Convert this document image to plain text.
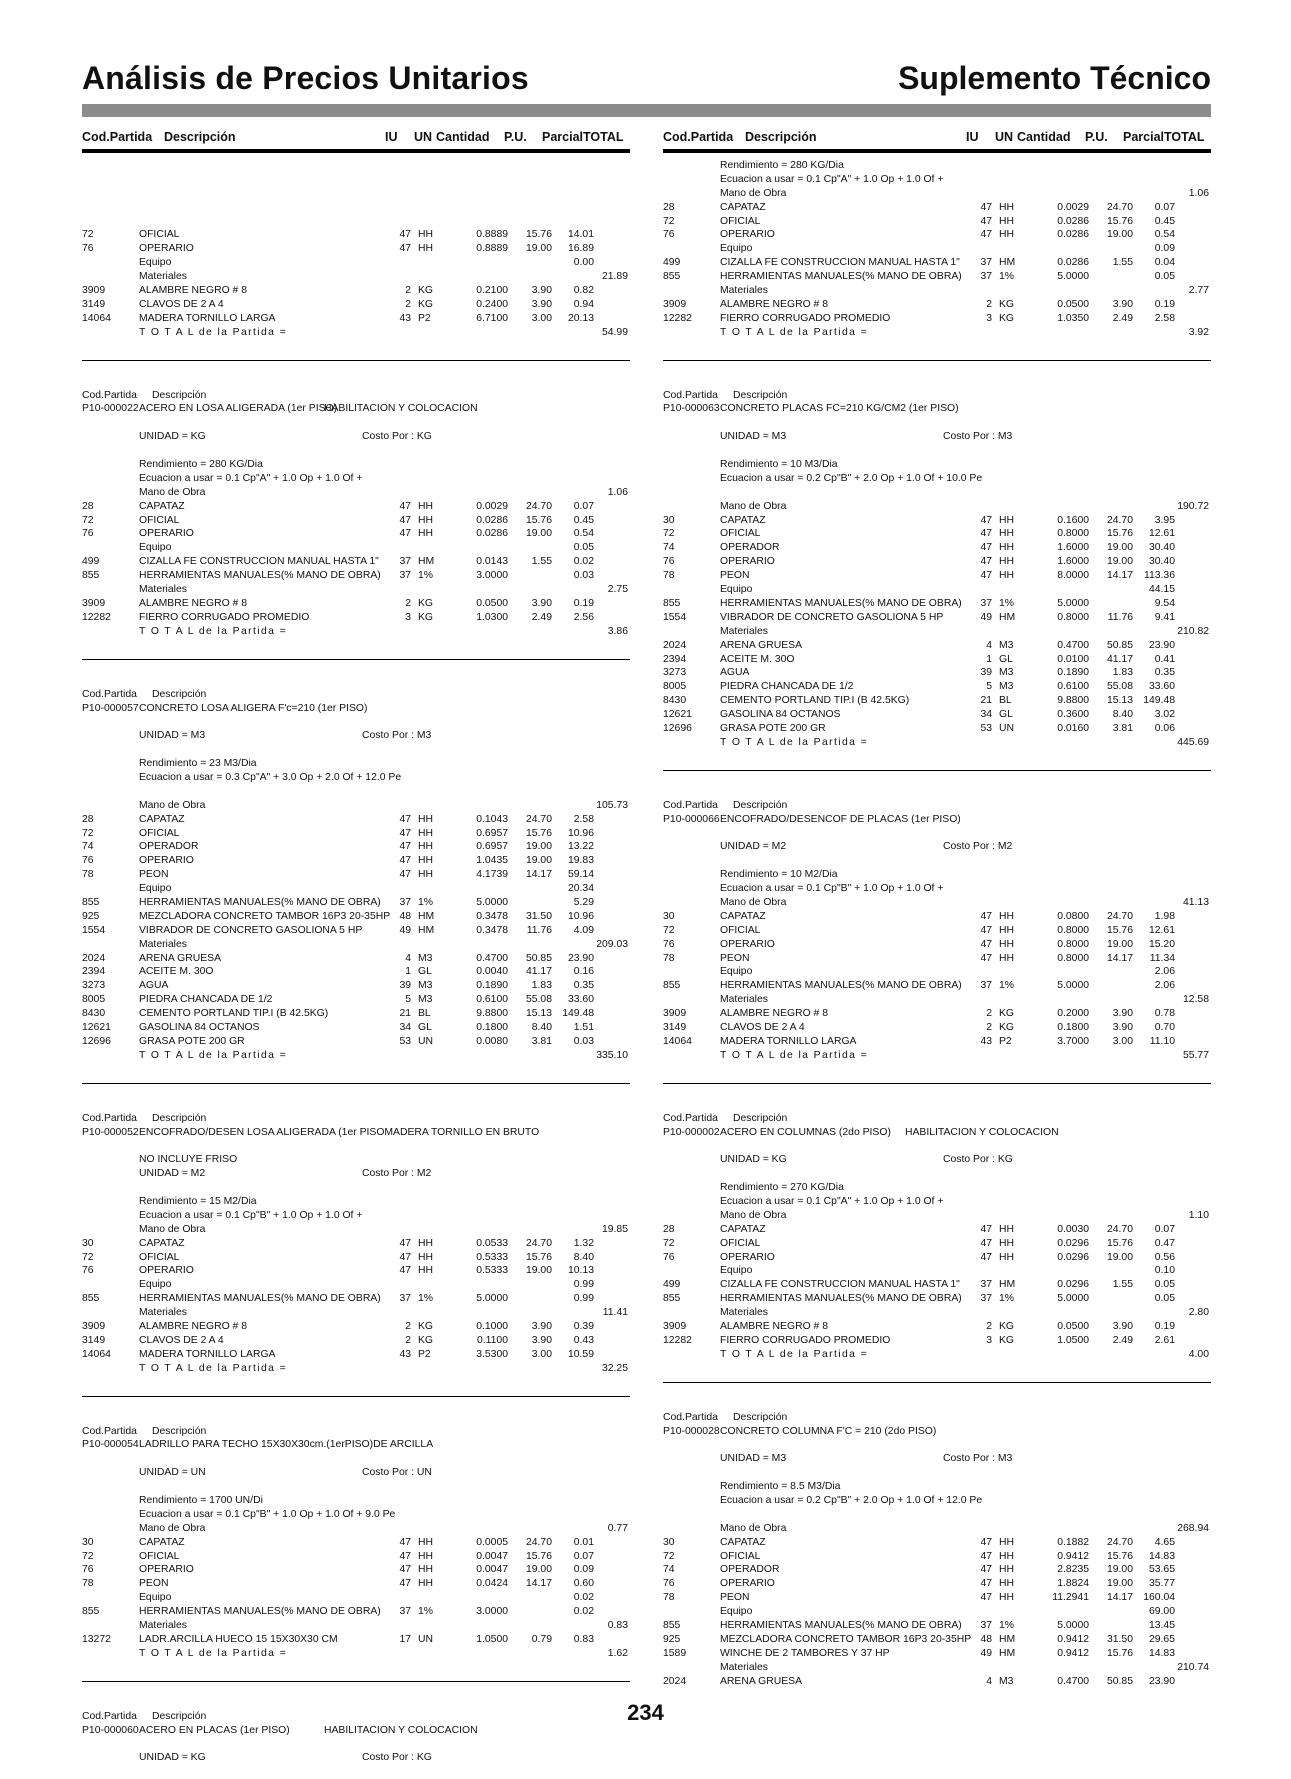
Análisis de Precios Unitarios	Suplemento Técnico
Cod.Partida Descripción	IU UN Cantidad P.U. Parcial TOTAL
72	OFICIAL	47 HH	0.8889	15.76	14.01
76	OPERARIO	47 HH	0.8889	19.00	16.89
Equipo	0.00
Materiales	21.89
3909	ALAMBRE NEGRO # 8	2 KG	0.2100	3.90	0.82
3149	CLAVOS DE 2 A 4	2 KG	0.2400	3.90	0.94
14064	MADERA TORNILLO LARGA	43 P2	6.7100	3.00	20.13
T O T A L de la Partida =	54.99
Cod.Partida Descripción
P10-000022 ACERO EN LOSA ALIGERADA (1er PISO)
HABILITACION Y COLOCACION
UNIDAD = KG	Costo Por : KG
Rendimiento = 280 KG/Dia
Ecuacion a usar = 0.1 Cp"A" + 1.0 Op + 1.0 Of +
Mano de Obra	1.06
28	CAPATAZ	47 HH	0.0029	24.70	0.07
72	OFICIAL	47 HH	0.0286	15.76	0.45
76	OPERARIO	47 HH	0.0286	19.00	0.54
Equipo	0.05
499	CIZALLA FE CONSTRUCCION MANUAL HASTA 1"	37 HM	0.0143	1.55	0.02
855	HERRAMIENTAS MANUALES(% MANO DE OBRA)	37 1%	3.0000	0.03
Materiales	2.75
3909	ALAMBRE NEGRO # 8	2 KG	0.0500	3.90	0.19
12282	FIERRO CORRUGADO PROMEDIO	3 KG	1.0300	2.49	2.56
T O T A L de la Partida =	3.86
Cod.Partida Descripción
P10-000057 CONCRETO LOSA ALIGERA F'c=210 (1er PISO)
UNIDAD = M3	Costo Por : M3
Rendimiento = 23 M3/Dia
Ecuacion a usar = 0.3 Cp"A" + 3.0 Op + 2.0 Of + 12.0 Pe
Mano de Obra	105.73
28	CAPATAZ	47 HH	0.1043	24.70	2.58
72	OFICIAL	47 HH	0.6957	15.76	10.96
74	OPERADOR	47 HH	0.6957	19.00	13.22
76	OPERARIO	47 HH	1.0435	19.00	19.83
78	PEON	47 HH	4.1739	14.17	59.14
Equipo	20.34
855	HERRAMIENTAS MANUALES(% MANO DE OBRA)	37 1%	5.0000	5.29
925	MEZCLADORA CONCRETO TAMBOR 16P3 20-35HP 48 HM	0.3478	31.50	10.96
1554	VIBRADOR DE CONCRETO GASOLIONA 5 HP	49 HM	0.3478	11.76	4.09
Materiales	209.03
2024	ARENA GRUESA	4 M3	0.4700	50.85	23.90
2394	ACEITE M. 30O	1 GL	0.0040	41.17	0.16
3273	AGUA	39 M3	0.1890	1.83	0.35
8005	PIEDRA CHANCADA DE 1/2	5 M3	0.6100	55.08	33.60
8430	CEMENTO PORTLAND TIP.I (B 42.5KG)	21 BL	9.8800	15.13 149.48
12621	GASOLINA 84 OCTANOS	34 GL	0.1800	8.40	1.51
12696	GRASA POTE 200 GR	53 UN	0.0080	3.81	0.03
T O T A L de la Partida =	335.10
Cod.Partida Descripción
P10-000052 ENCOFRADO/DESEN LOSA ALIGERADA (1er PISOMADERA TORNILLO EN BRUTO
NO INCLUYE FRISO
UNIDAD = M2	Costo Por : M2
Rendimiento = 15 M2/Dia
Ecuacion a usar = 0.1 Cp"B" + 1.0 Op + 1.0 Of +
Mano de Obra	19.85
30	CAPATAZ	47 HH	0.0533	24.70	1.32
72	OFICIAL	47 HH	0.5333	15.76	8.40
76	OPERARIO	47 HH	0.5333	19.00	10.13
Equipo	0.99
855	HERRAMIENTAS MANUALES(% MANO DE OBRA)	37 1%	5.0000	0.99
Materiales	11.41
3909	ALAMBRE NEGRO # 8	2 KG	0.1000	3.90	0.39
3149	CLAVOS DE 2 A 4	2 KG	0.1100	3.90	0.43
14064	MADERA TORNILLO LARGA	43 P2	3.5300	3.00	10.59
T O T A L de la Partida =	32.25
Cod.Partida Descripción
P10-000054 LADRILLO PARA TECHO 15X30X30cm.(1erPISO)DE ARCILLA
UNIDAD = UN	Costo Por : UN
Rendimiento = 1700 UN/Di
Ecuacion a usar = 0.1 Cp"B" + 1.0 Op + 1.0 Of + 9.0 Pe
Mano de Obra	0.77
30	CAPATAZ	47 HH	0.0005	24.70	0.01
72	OFICIAL	47 HH	0.0047	15.76	0.07
76	OPERARIO	47 HH	0.0047	19.00	0.09
78	PEON	47 HH	0.0424	14.17	0.60
Equipo	0.02
855	HERRAMIENTAS MANUALES(% MANO DE OBRA)	37 1%	3.0000	0.02
Materiales	0.83
13272	LADR.ARCILLA HUECO 15 15X30X30 CM	17 UN	1.0500	0.79	0.83
T O T A L de la Partida =	1.62
Cod.Partida Descripción
P10-000060 ACERO EN PLACAS (1er PISO)	HABILITACION Y COLOCACION
UNIDAD = KG	Costo Por : KG
Cod.Partida Descripción	IU UN Cantidad P.U. Parcial TOTAL
Rendimiento = 280 KG/Dia
Ecuacion a usar = 0.1 Cp"A" + 1.0 Op + 1.0 Of +
Mano de Obra	1.06
28	CAPATAZ	47 HH	0.0029	24.70	0.07
72	OFICIAL	47 HH	0.0286	15.76	0.45
76	OPERARIO	47 HH	0.0286	19.00	0.54
Equipo	0.09
499	CIZALLA FE CONSTRUCCION MANUAL HASTA 1"	37 HM	0.0286	1.55	0.04
855	HERRAMIENTAS MANUALES(% MANO DE OBRA)	37 1%	5.0000	0.05
Materiales	2.77
3909	ALAMBRE NEGRO # 8	2 KG	0.0500	3.90	0.19
12282	FIERRO CORRUGADO PROMEDIO	3 KG	1.0350	2.49	2.58
T O T A L de la Partida =	3.92
Cod.Partida Descripción
P10-000063 CONCRETO PLACAS FC=210 KG/CM2 (1er PISO)
UNIDAD = M3	Costo Por : M3
Rendimiento = 10 M3/Dia
Ecuacion a usar = 0.2 Cp"B" + 2.0 Op + 1.0 Of + 10.0 Pe
Mano de Obra	190.72
30	CAPATAZ	47 HH	0.1600	24.70	3.95
72	OFICIAL	47 HH	0.8000	15.76	12.61
74	OPERADOR	47 HH	1.6000	19.00	30.40
76	OPERARIO	47 HH	1.6000	19.00	30.40
78	PEON	47 HH	8.0000	14.17	113.36
Equipo	44.15
855	HERRAMIENTAS MANUALES(% MANO DE OBRA)	37 1%	5.0000	9.54
1554	VIBRADOR DE CONCRETO GASOLIONA 5 HP	49 HM	0.8000	11.76	9.41
Materiales	210.82
2024	ARENA GRUESA	4 M3	0.4700	50.85	23.90
2394	ACEITE M. 30O	1 GL	0.0100	41.17	0.41
3273	AGUA	39 M3	0.1890	1.83	0.35
8005	PIEDRA CHANCADA DE 1/2	5 M3	0.6100	55.08	33.60
8430	CEMENTO PORTLAND TIP.I (B 42.5KG)	21 BL	9.8800	15.13 149.48
12621	GASOLINA 84 OCTANOS	34 GL	0.3600	8.40	3.02
12696	GRASA POTE 200 GR	53 UN	0.0160	3.81	0.06
T O T A L de la Partida =	445.69
Cod.Partida Descripción
P10-000066 ENCOFRADO/DESENCOF DE PLACAS (1er PISO)
UNIDAD = M2	Costo Por : M2
Rendimiento = 10 M2/Dia
Ecuacion a usar = 0.1 Cp"B" + 1.0 Op + 1.0 Of +
Mano de Obra	41.13
30	CAPATAZ	47 HH	0.0800	24.70	1.98
72	OFICIAL	47 HH	0.8000	15.76	12.61
76	OPERARIO	47 HH	0.8000	19.00	15.20
78	PEON	47 HH	0.8000	14.17	11.34
Equipo	2.06
855	HERRAMIENTAS MANUALES(% MANO DE OBRA)	37 1%	5.0000	2.06
Materiales	12.58
3909	ALAMBRE NEGRO # 8	2 KG	0.2000	3.90	0.78
3149	CLAVOS DE 2 A 4	2 KG	0.1800	3.90	0.70
14064	MADERA TORNILLO LARGA	43 P2	3.7000	3.00	11.10
T O T A L de la Partida =	55.77
Cod.Partida Descripción
P10-000002 ACERO EN COLUMNAS (2do PISO) HABILITACION Y COLOCACION
UNIDAD = KG	Costo Por : KG
Rendimiento = 270 KG/Dia
Ecuacion a usar = 0.1 Cp"A" + 1.0 Op + 1.0 Of +
Mano de Obra	1.10
28	CAPATAZ	47 HH	0.0030	24.70	0.07
72	OFICIAL	47 HH	0.0296	15.76	0.47
76	OPERARIO	47 HH	0.0296	19.00	0.56
Equipo	0.10
499	CIZALLA FE CONSTRUCCION MANUAL HASTA 1"	37 HM	0.0296	1.55	0.05
855	HERRAMIENTAS MANUALES(% MANO DE OBRA)	37 1%	5.0000	0.05
Materiales	2.80
3909	ALAMBRE NEGRO # 8	2 KG	0.0500	3.90	0.19
12282	FIERRO CORRUGADO PROMEDIO	3 KG	1.0500	2.49	2.61
T O T A L de la Partida =	4.00
Cod.Partida Descripción
P10-000028 CONCRETO COLUMNA F'C = 210 (2do PISO)
UNIDAD = M3	Costo Por : M3
Rendimiento = 8.5 M3/Dia
Ecuacion a usar = 0.2 Cp"B" + 2.0 Op + 1.0 Of + 12.0 Pe
Mano de Obra	268.94
30	CAPATAZ	47 HH	0.1882	24.70	4.65
72	OFICIAL	47 HH	0.9412	15.76	14.83
74	OPERADOR	47 HH	2.8235	19.00	53.65
76	OPERARIO	47 HH	1.8824	19.00	35.77
78	PEON	47 HH	11.2941	14.17 160.04
Equipo	69.00
855	HERRAMIENTAS MANUALES(% MANO DE OBRA)	37 1%	5.0000	13.45
925	MEZCLADORA CONCRETO TAMBOR 16P3 20-35HP 48 HM	0.9412	31.50	29.65
1589	WINCHE DE 2 TAMBORES Y 37 HP	49 HM	0.9412	15.76	14.83
Materiales	210.74
2024	ARENA GRUESA	4 M3	0.4700	50.85	23.90
234
